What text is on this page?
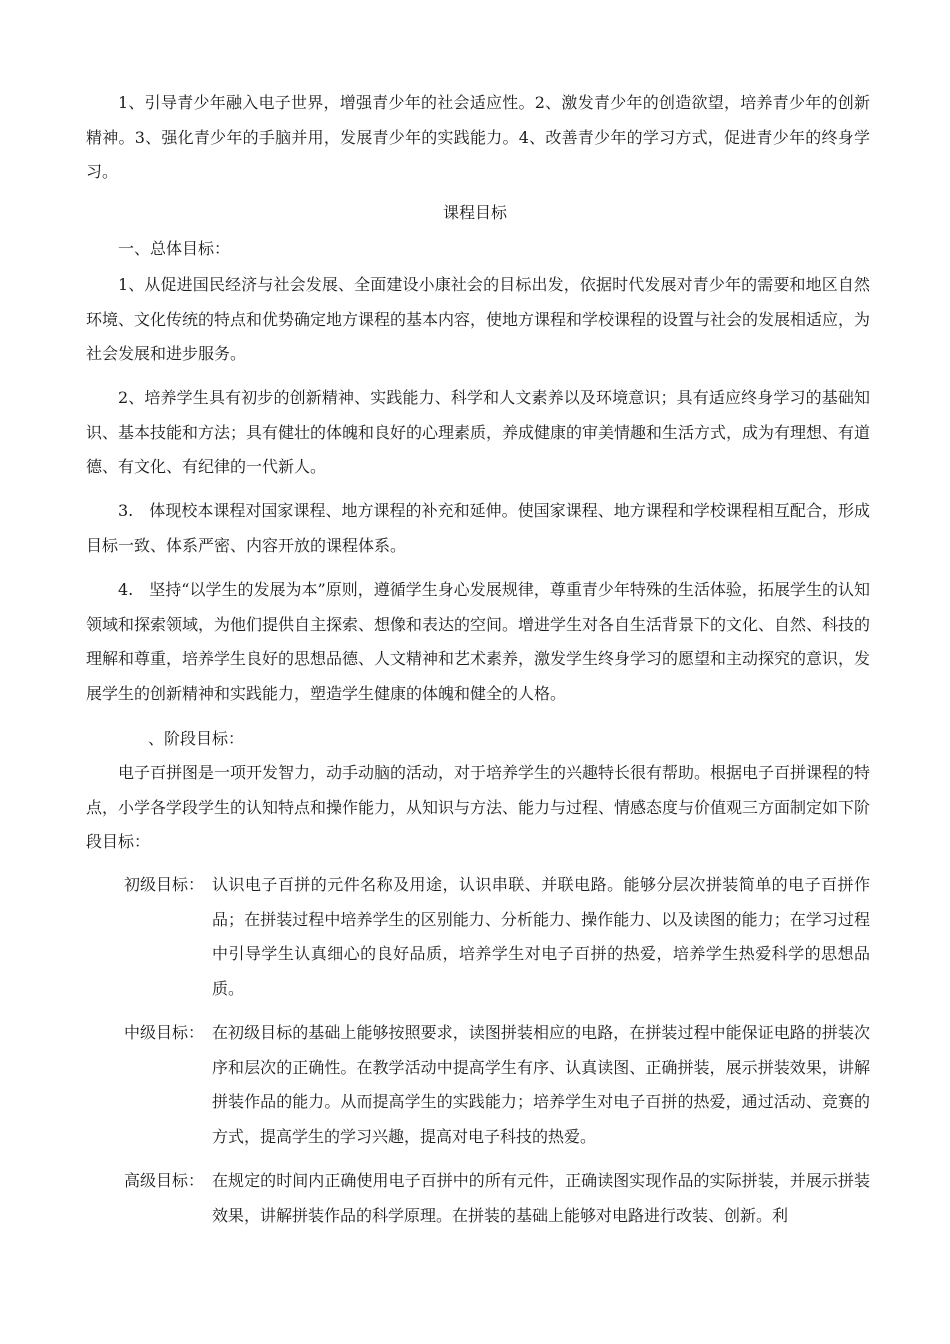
1、引导青少年融入电子世界，增强青少年的社会适应性。2、激发青少年的创造欲望，培养青少年的创新精神。3、强化青少年的手脑并用，发展青少年的实践能力。4、改善青少年的学习方式，促进青少年的终身学习。

课程目标

一、总体目标：

1、从促进国民经济与社会发展、全面建设小康社会的目标出发，依据时代发展对青少年的需要和地区自然环境、文化传统的特点和优势确定地方课程的基本内容，使地方课程和学校课程的设置与社会的发展相适应，为社会发展和进步服务。

2、培养学生具有初步的创新精神、实践能力、科学和人文素养以及环境意识；具有适应终身学习的基础知识、基本技能和方法；具有健壮的体魄和良好的心理素质，养成健康的审美情趣和生活方式，成为有理想、有道德、有文化、有纪律的一代新人。

3.　体现校本课程对国家课程、地方课程的补充和延伸。使国家课程、地方课程和学校课程相互配合，形成目标一致、体系严密、内容开放的课程体系。

4.　坚持“以学生的发展为本”原则，遵循学生身心发展规律，尊重青少年特殊的生活体验，拓展学生的认知领域和探索领域，为他们提供自主探索、想像和表达的空间。增进学生对各自生活背景下的文化、自然、科技的理解和尊重，培养学生良好的思想品德、人文精神和艺术素养，激发学生终身学习的愿望和主动探究的意识，发展学生的创新精神和实践能力，塑造学生健康的体魄和健全的人格。

、阶段目标：

电子百拼图是一项开发智力，动手动脑的活动，对于培养学生的兴趣特长很有帮助。根据电子百拼课程的特点，小学各学段学生的认知特点和操作能力，从知识与方法、能力与过程、情感态度与价值观三方面制定如下阶段目标：

初级目标： 认识电子百拼的元件名称及用途，认识串联、并联电路。能够分层次拼装简单的电子百拼作品；在拼装过程中培养学生的区别能力、分析能力、操作能力、以及读图的能力；在学习过程中引导学生认真细心的良好品质，培养学生对电子百拼的热爱，培养学生热爱科学的思想品质。
中级目标： 在初级目标的基础上能够按照要求，读图拼装相应的电路，在拼装过程中能保证电路的拼装次序和层次的正确性。在教学活动中提高学生有序、认真读图、正确拼装，展示拼装效果，讲解拼装作品的能力。从而提高学生的实践能力；培养学生对电子百拼的热爱，通过活动、竞赛的方式，提高学生的学习兴趣，提高对电子科技的热爱。
高级目标： 在规定的时间内正确使用电子百拼中的所有元件，正确读图实现作品的实际拼装，并展示拼装效果，讲解拼装作品的科学原理。在拼装的基础上能够对电路进行改装、创新。利
